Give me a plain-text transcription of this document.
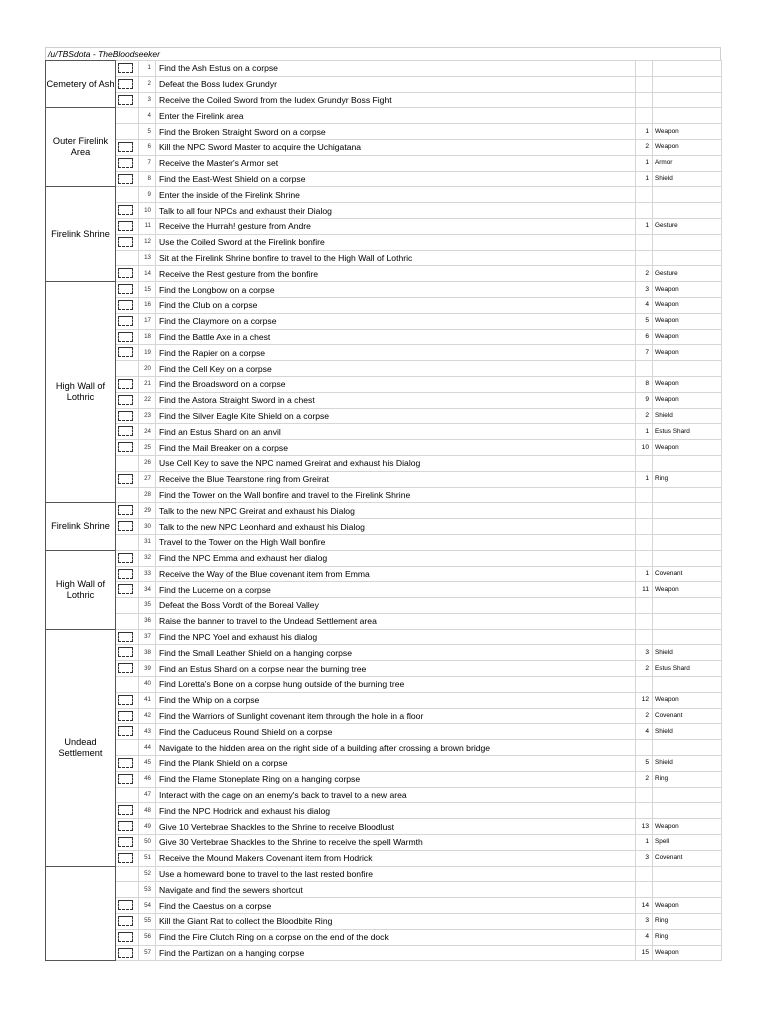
/u/TBSdota - TheBloodseeker
Cemetery of Ash		1	Find the Ash Estus on a corpse		

		2	Defeat the Boss Iudex Grundyr		

		3	Receive the Coiled Sword from the Iudex Grundyr Boss Fight		
Outer Firelink Area		4	Enter the Firelink area		
		5	Find the Broken Straight Sword on a corpse	1	Weapon

		6	Kill the NPC Sword Master to acquire the Uchigatana	2	Weapon

		7	Receive the Master's Armor set	1	Armor

		8	Find the East-West Shield on a corpse	1	Shield
Firelink Shrine		9	Enter the inside of the Firelink Shrine		

		10	Talk to all four NPCs and exhaust their Dialog		

		11	Receive the Hurrah! gesture from Andre	1	Gesture

		12	Use the Coiled Sword at the Firelink bonfire		
		13	Sit at the Firelink Shrine bonfire to travel to the High Wall of Lothric		

		14	Receive the Rest gesture from the bonfire	2	Gesture
High Wall of Lothric		15	Find the Longbow on a corpse	3	Weapon

		16	Find the Club on a corpse	4	Weapon

		17	Find the Claymore on a corpse	5	Weapon

		18	Find the Battle Axe in a chest	6	Weapon

		19	Find the Rapier on a corpse	7	Weapon
		20	Find the Cell Key on a corpse		

		21	Find the Broadsword on a corpse	8	Weapon

		22	Find the Astora Straight Sword in a chest	9	Weapon

		23	Find the Silver Eagle Kite Shield on a corpse	2	Shield

		24	Find an Estus Shard on an anvil	1	Estus Shard

		25	Find the Mail Breaker on a corpse	10	Weapon
		26	Use Cell Key to save the NPC named Greirat and exhaust his Dialog		

		27	Receive the Blue Tearstone ring from Greirat	1	Ring
		28	Find the Tower on the Wall bonfire and travel to the Firelink Shrine		
Firelink Shrine		29	Talk to the new NPC Greirat and exhaust his Dialog		

		30	Talk to the new NPC Leonhard and exhaust his Dialog		
		31	Travel to the Tower on the High Wall bonfire		
High Wall of Lothric		32	Find the NPC Emma and exhaust her dialog		

		33	Receive the Way of the Blue covenant item from Emma	1	Covenant

		34	Find the Lucerne on a corpse	11	Weapon
		35	Defeat the Boss Vordt of the Boreal Valley		
		36	Raise the banner to travel to the Undead Settlement area		
Undead Settlement		37	Find the NPC Yoel and exhaust his dialog		

		38	Find the Small Leather Shield on a hanging corpse	3	Shield

		39	Find an Estus Shard on a corpse near the burning tree	2	Estus Shard
		40	Find Loretta's Bone on a corpse hung outside of the burning tree		

		41	Find the Whip on a corpse	12	Weapon

		42	Find the Warriors of Sunlight covenant item through the hole in a floor	2	Covenant

		43	Find the Caduceus Round Shield on a corpse	4	Shield
		44	Navigate to the hidden area on the right side of a building after crossing a brown bridge		

		45	Find the Plank Shield on a corpse	5	Shield

		46	Find the Flame Stoneplate Ring on a hanging corpse	2	Ring
		47	Interact with the cage on an enemy's back to travel to a new area		

		48	Find the NPC Hodrick and exhaust his dialog		

		49	Give 10 Vertebrae Shackles to the Shrine to receive Bloodlust	13	Weapon

		50	Give 30 Vertebrae Shackles to the Shrine to receive the spell Warmth	1	Spell

		51	Receive the Mound Makers Covenant item from Hodrick	3	Covenant
		52	Use a homeward bone to travel to the last rested bonfire		
		53	Navigate and find the sewers shortcut		

		54	Find the Caestus on a corpse	14	Weapon

		55	Kill the Giant Rat to collect the Bloodbite Ring	3	Ring

		56	Find the Fire Clutch Ring on a corpse on the end of the dock	4	Ring

		57	Find the Partizan on a hanging corpse	15	Weapon
